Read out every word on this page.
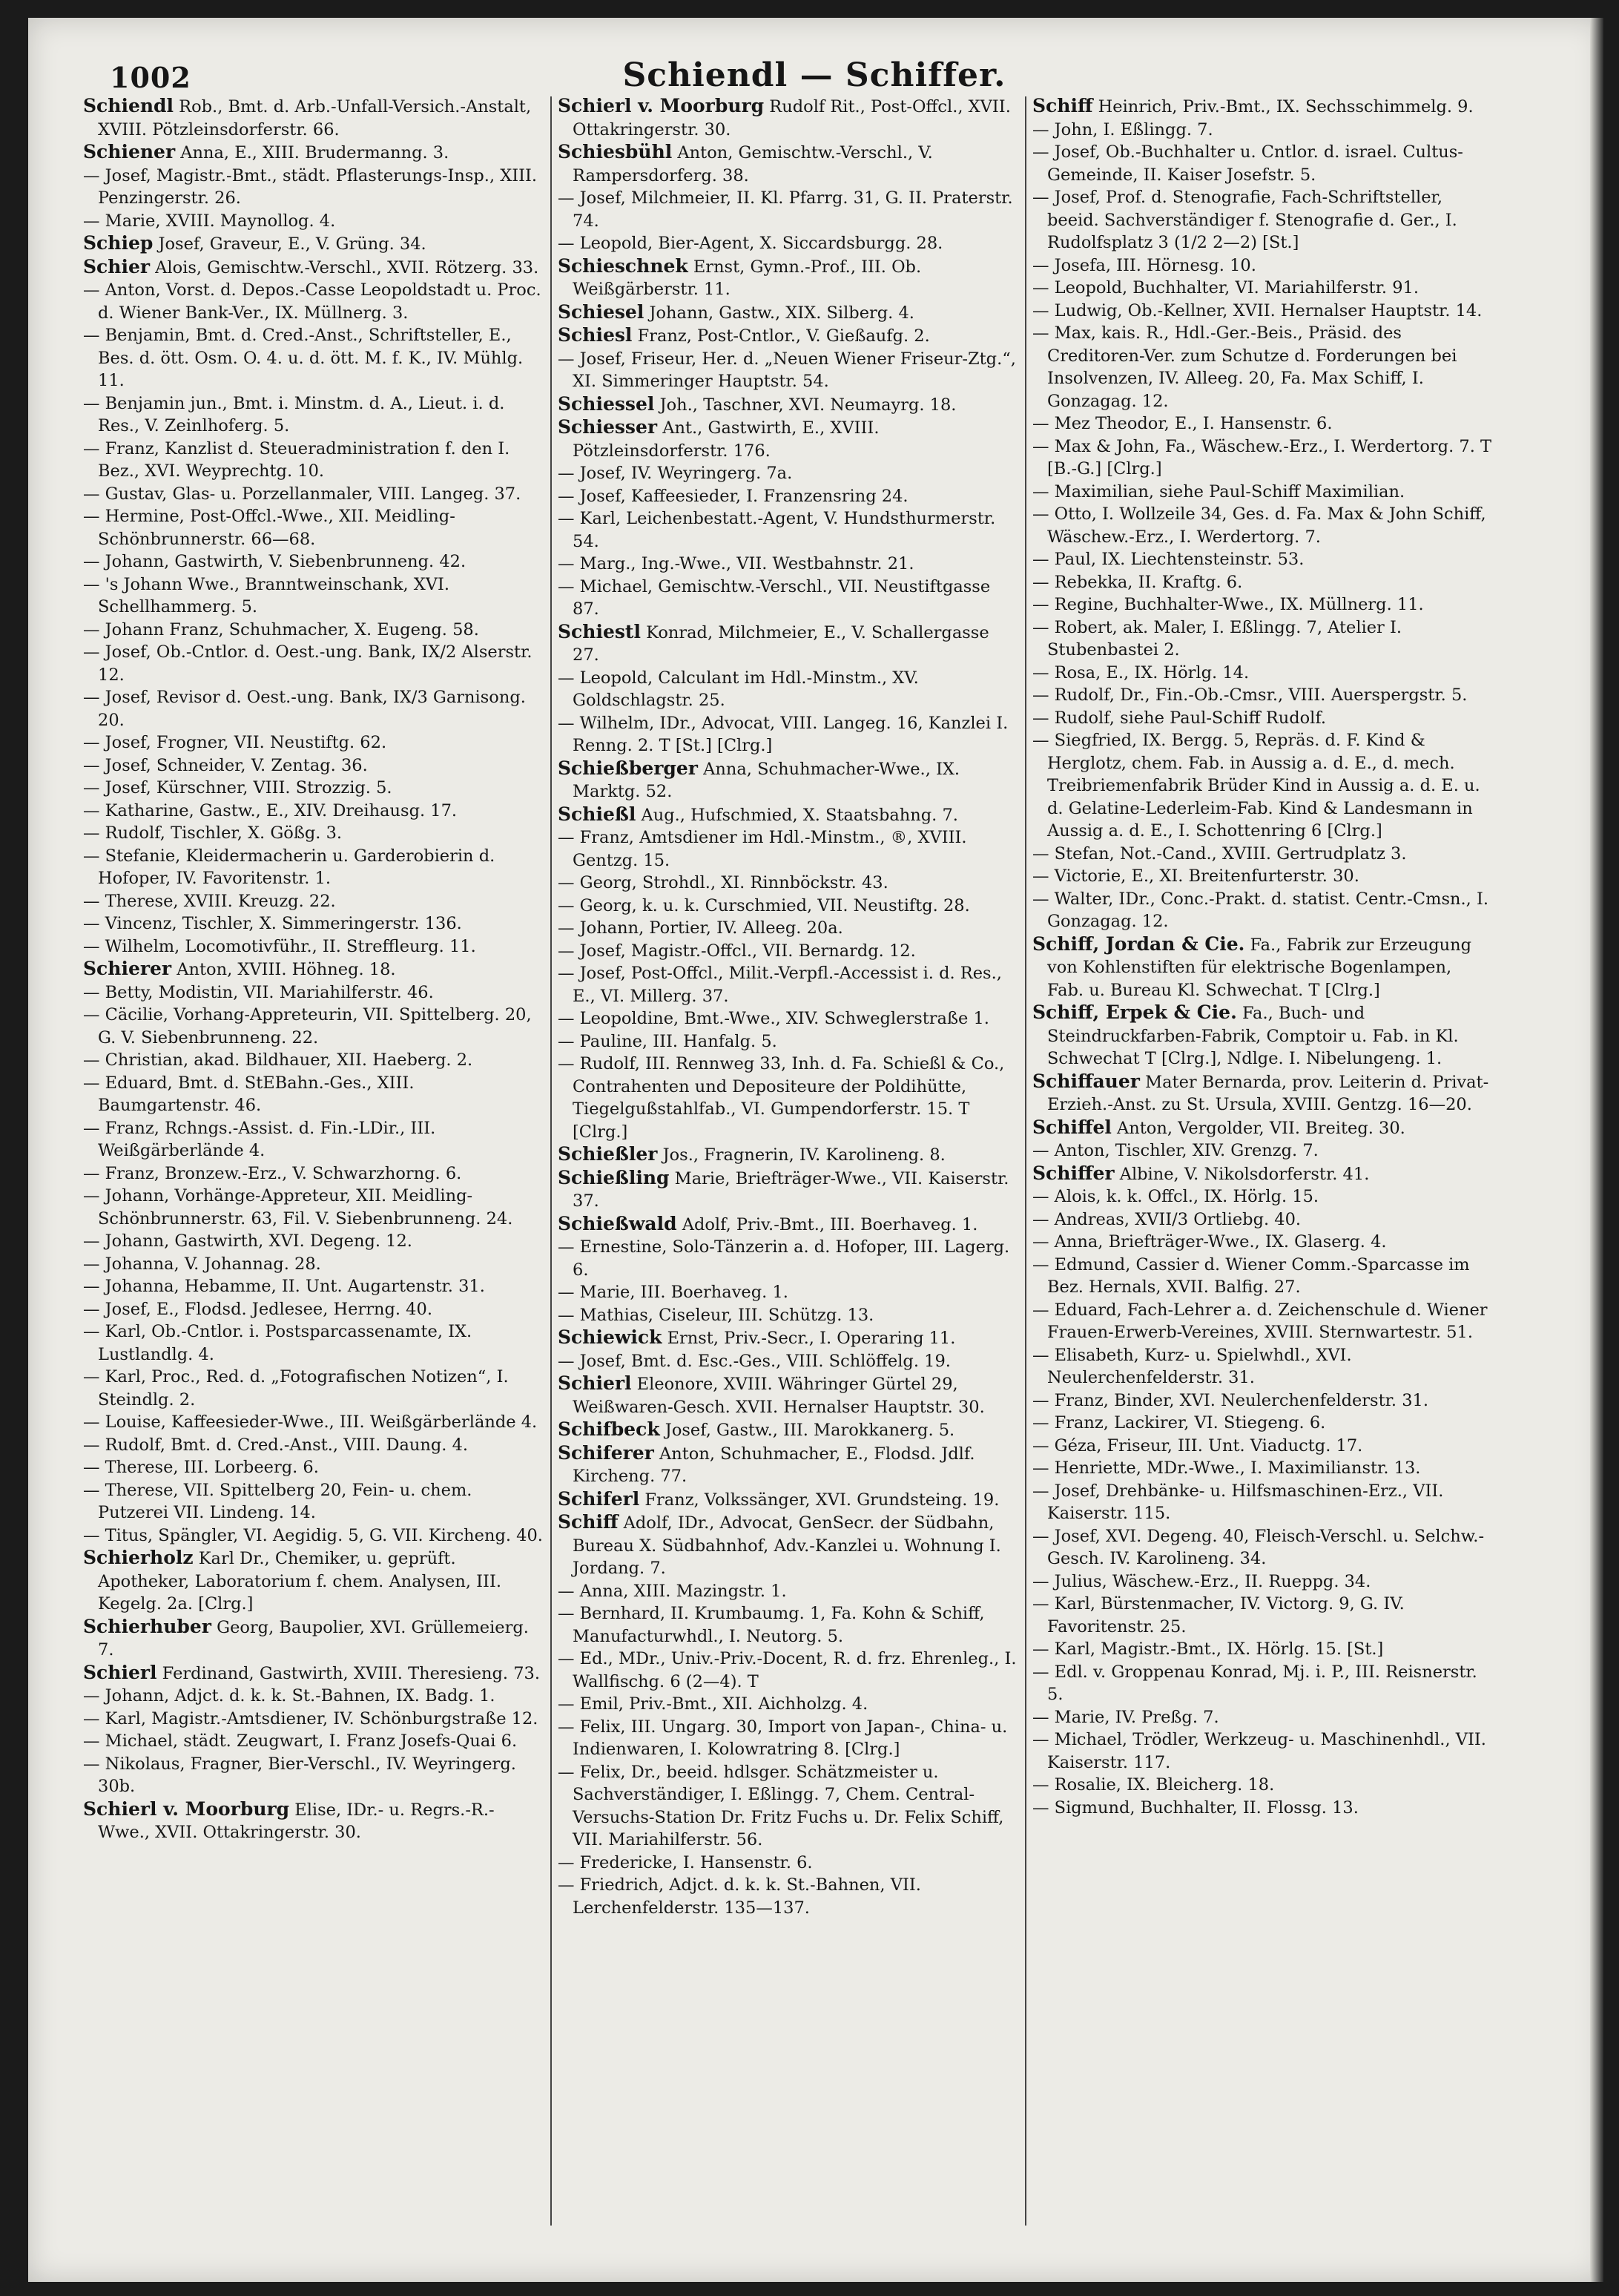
1002	Schiendl — Schiffer.
Schiendl Rob., Bmt. d. Arb.-Unfall-Versich.-Anstalt, XVIII. Pötzleinsdorferstr. 66.
Schiener Anna, E., XIII. Brudermanng. 3.
— Josef, Magistr.-Bmt., städt. Pflasterungs-Insp., XIII. Penzingerstr. 26.
— Marie, XVIII. Maynollog. 4.
Schiep Josef, Graveur, E., V. Grüng. 34.
Schier Alois, Gemischtw.-Verschl., XVII. Rötzerg. 33.
— Anton, Vorst. d. Depos.-Casse Leopoldstadt u. Proc. d. Wiener Bank-Ver., IX. Müllnerg. 3.
— Benjamin, Bmt. d. Cred.-Anst., Schriftsteller, E., Bes. d. ött. Osm. O. 4. u. d. ött. M. f. K., IV. Mühlg. 11.
— Benjamin jun., Bmt. i. Minstm. d. A., Lieut. i. d. Res., V. Zeinlhoferg. 5.
— Franz, Kanzlist d. Steueradministration f. den I. Bez., XVI. Weyprechtg. 10.
— Gustav, Glas- u. Porzellanmaler, VIII. Langeg. 37.
— Hermine, Post-Offcl.-Wwe., XII. Meidling-Schönbrunnerstr. 66—68.
— Johann, Gastwirth, V. Siebenbrunneng. 42.
— 's Johann Wwe., Branntweinschank, XVI. Schellhammerg. 5.
— Johann Franz, Schuhmacher, X. Eugeng. 58.
— Josef, Ob.-Cntlor. d. Oest.-ung. Bank, IX/2 Alserstr. 12.
— Josef, Revisor d. Oest.-ung. Bank, IX/3 Garnisong. 20.
— Josef, Frogner, VII. Neustiftg. 62.
— Josef, Schneider, V. Zentag. 36.
— Josef, Kürschner, VIII. Strozzig. 5.
— Katharine, Gastw., E., XIV. Dreihausg. 17.
— Rudolf, Tischler, X. Gößg. 3.
— Stefanie, Kleidermacherin u. Garderobierin d. Hofoper, IV. Favoritenstr. 1.
— Therese, XVIII. Kreuzg. 22.
— Vincenz, Tischler, X. Simmeringerstr. 136.
— Wilhelm, Locomotivführ., II. Streffleurg. 11.
Schierer Anton, XVIII. Höhneg. 18.
— Betty, Modistin, VII. Mariahilferstr. 46.
— Cäcilie, Vorhang-Appreteurin, VII. Spittelberg. 20, G. V. Siebenbrunneng. 22.
— Christian, akad. Bildhauer, XII. Haeberg. 2.
— Eduard, Bmt. d. StEBahn.-Ges., XIII. Baumgartenstr. 46.
— Franz, Rchngs.-Assist. d. Fin.-LDir., III. Weißgärberlände 4.
— Franz, Bronzew.-Erz., V. Schwarzhorng. 6.
— Johann, Vorhänge-Appreteur, XII. Meidling-Schönbrunnerstr. 63, Fil. V. Siebenbrunneng. 24.
— Johann, Gastwirth, XVI. Degeng. 12.
— Johanna, V. Johannag. 28.
— Johanna, Hebamme, II. Unt. Augartenstr. 31.
— Josef, E., Flodsd. Jedlesee, Herrng. 40.
— Karl, Ob.-Cntlor. i. Postsparcassenamte, IX. Lustlandlg. 4.
— Karl, Proc., Red. d. „Fotografischen Notizen“, I. Steindlg. 2.
— Louise, Kaffeesieder-Wwe., III. Weißgärberlände 4.
— Rudolf, Bmt. d. Cred.-Anst., VIII. Daung. 4.
— Therese, III. Lorbeerg. 6.
— Therese, VII. Spittelberg 20, Fein- u. chem. Putzerei VII. Lindeng. 14.
— Titus, Spängler, VI. Aegidig. 5, G. VII. Kircheng. 40.
Schierholz Karl Dr., Chemiker, u. geprüft. Apotheker, Laboratorium f. chem. Analysen, III. Kegelg. 2a. [Clrg.]
Schierhuber Georg, Baupolier, XVI. Grüllemeierg. 7.
Schierl Ferdinand, Gastwirth, XVIII. Theresieng. 73.
— Johann, Adjct. d. k. k. St.-Bahnen, IX. Badg. 1.
— Karl, Magistr.-Amtsdiener, IV. Schönburgstraße 12.
— Michael, städt. Zeugwart, I. Franz Josefs-Quai 6.
— Nikolaus, Fragner, Bier-Verschl., IV. Weyringerg. 30b.
Schierl v. Moorburg Elise, IDr.- u. Regrs.-R.-Wwe., XVII. Ottakringerstr. 30.
Schierl v. Moorburg Rudolf Rit., Post-Offcl., XVII. Ottakringerstr. 30.
Schiesbühl Anton, Gemischtw.-Verschl., V. Rampersdorferg. 38.
— Josef, Milchmeier, II. Kl. Pfarrg. 31, G. II. Praterstr. 74.
— Leopold, Bier-Agent, X. Siccardsburgg. 28.
Schieschnek Ernst, Gymn.-Prof., III. Ob. Weißgärberstr. 11.
Schiesel Johann, Gastw., XIX. Silberg. 4.
Schiesl Franz, Post-Cntlor., V. Gießaufg. 2.
— Josef, Friseur, Her. d. „Neuen Wiener Friseur-Ztg.“, XI. Simmeringer Hauptstr. 54.
Schiessel Joh., Taschner, XVI. Neumayrg. 18.
Schiesser Ant., Gastwirth, E., XVIII. Pötzleinsdorferstr. 176.
— Josef, IV. Weyringerg. 7a.
— Josef, Kaffeesieder, I. Franzensring 24.
— Karl, Leichenbestatt.-Agent, V. Hundsthurmerstr. 54.
— Marg., Ing.-Wwe., VII. Westbahnstr. 21.
— Michael, Gemischtw.-Verschl., VII. Neustiftgasse 87.
Schiestl Konrad, Milchmeier, E., V. Schallergasse 27.
— Leopold, Calculant im Hdl.-Minstm., XV. Goldschlagstr. 25.
— Wilhelm, IDr., Advocat, VIII. Langeg. 16, Kanzlei I. Renng. 2. T [St.] [Clrg.]
Schießberger Anna, Schuhmacher-Wwe., IX. Marktg. 52.
Schießl Aug., Hufschmied, X. Staatsbahng. 7.
— Franz, Amtsdiener im Hdl.-Minstm., ®, XVIII. Gentzg. 15.
— Georg, Strohdl., XI. Rinnböckstr. 43.
— Georg, k. u. k. Curschmied, VII. Neustiftg. 28.
— Johann, Portier, IV. Alleeg. 20a.
— Josef, Magistr.-Offcl., VII. Bernardg. 12.
— Josef, Post-Offcl., Milit.-Verpfl.-Accessist i. d. Res., E., VI. Millerg. 37.
— Leopoldine, Bmt.-Wwe., XIV. Schweglerstraße 1.
— Pauline, III. Hanfalg. 5.
— Rudolf, III. Rennweg 33, Inh. d. Fa. Schießl & Co., Contrahenten und Depositeure der Poldihütte, Tiegelgußstahlfab., VI. Gumpendorferstr. 15. T [Clrg.]
Schießler Jos., Fragnerin, IV. Karolineng. 8.
Schießling Marie, Briefträger-Wwe., VII. Kaiserstr. 37.
Schießwald Adolf, Priv.-Bmt., III. Boerhaveg. 1.
— Ernestine, Solo-Tänzerin a. d. Hofoper, III. Lagerg. 6.
— Marie, III. Boerhaveg. 1.
— Mathias, Ciseleur, III. Schützg. 13.
Schiewick Ernst, Priv.-Secr., I. Operaring 11.
— Josef, Bmt. d. Esc.-Ges., VIII. Schlöffelg. 19.
Schierl Eleonore, XVIII. Währinger Gürtel 29, Weißwaren-Gesch. XVII. Hernalser Hauptstr. 30.
Schifbeck Josef, Gastw., III. Marokkanerg. 5.
Schiferer Anton, Schuhmacher, E., Flodsd. Jdlf. Kircheng. 77.
Schiferl Franz, Volkssänger, XVI. Grundsteing. 19.
Schiff Adolf, IDr., Advocat, GenSecr. der Südbahn, Bureau X. Südbahnhof, Adv.-Kanzlei u. Wohnung I. Jordang. 7.
— Anna, XIII. Mazingstr. 1.
— Bernhard, II. Krumbaumg. 1, Fa. Kohn & Schiff, Manufacturwhdl., I. Neutorg. 5.
— Ed., MDr., Univ.-Priv.-Docent, R. d. frz. Ehrenleg., I. Wallfischg. 6 (2—4). T
— Emil, Priv.-Bmt., XII. Aichholzg. 4.
— Felix, III. Ungarg. 30, Import von Japan-, China- u. Indienwaren, I. Kolowratring 8. [Clrg.]
— Felix, Dr., beeid. hdlsger. Schätzmeister u. Sachverständiger, I. Eßlingg. 7, Chem. Central-Versuchs-Station Dr. Fritz Fuchs u. Dr. Felix Schiff, VII. Mariahilferstr. 56.
— Fredericke, I. Hansenstr. 6.
— Friedrich, Adjct. d. k. k. St.-Bahnen, VII. Lerchenfelderstr. 135—137.
Schiff Heinrich, Priv.-Bmt., IX. Sechsschimmelg. 9.
— John, I. Eßlingg. 7.
— Josef, Ob.-Buchhalter u. Cntlor. d. israel. Cultus-Gemeinde, II. Kaiser Josefstr. 5.
— Josef, Prof. d. Stenografie, Fach-Schriftsteller, beeid. Sachverständiger f. Stenografie d. Ger., I. Rudolfsplatz 3 (1/2 2—2) [St.]
— Josefa, III. Hörnesg. 10.
— Leopold, Buchhalter, VI. Mariahilferstr. 91.
— Ludwig, Ob.-Kellner, XVII. Hernalser Hauptstr. 14.
— Max, kais. R., Hdl.-Ger.-Beis., Präsid. des Creditoren-Ver. zum Schutze d. Forderungen bei Insolvenzen, IV. Alleeg. 20, Fa. Max Schiff, I. Gonzagag. 12.
— Mez Theodor, E., I. Hansenstr. 6.
— Max & John, Fa., Wäschew.-Erz., I. Werdertorg. 7. T [B.-G.] [Clrg.]
— Maximilian, siehe Paul-Schiff Maximilian.
— Otto, I. Wollzeile 34, Ges. d. Fa. Max & John Schiff, Wäschew.-Erz., I. Werdertorg. 7.
— Paul, IX. Liechtensteinstr. 53.
— Rebekka, II. Kraftg. 6.
— Regine, Buchhalter-Wwe., IX. Müllnerg. 11.
— Robert, ak. Maler, I. Eßlingg. 7, Atelier I. Stubenbastei 2.
— Rosa, E., IX. Hörlg. 14.
— Rudolf, Dr., Fin.-Ob.-Cmsr., VIII. Auerspergstr. 5.
— Rudolf, siehe Paul-Schiff Rudolf.
— Siegfried, IX. Bergg. 5, Repräs. d. F. Kind & Herglotz, chem. Fab. in Aussig a. d. E., d. mech. Treibriemenfabrik Brüder Kind in Aussig a. d. E. u. d. Gelatine-Lederleim-Fab. Kind & Landesmann in Aussig a. d. E., I. Schottenring 6 [Clrg.]
— Stefan, Not.-Cand., XVIII. Gertrudplatz 3.
— Victorie, E., XI. Breitenfurterstr. 30.
— Walter, IDr., Conc.-Prakt. d. statist. Centr.-Cmsn., I. Gonzagag. 12.
Schiff, Jordan & Cie. Fa., Fabrik zur Erzeugung von Kohlenstiften für elektrische Bogenlampen, Fab. u. Bureau Kl. Schwechat. T [Clrg.]
Schiff, Erpek & Cie. Fa., Buch- und Steindruckfarben-Fabrik, Comptoir u. Fab. in Kl. Schwechat T [Clrg.], Ndlge. I. Nibelungeng. 1.
Schiffauer Mater Bernarda, prov. Leiterin d. Privat-Erzieh.-Anst. zu St. Ursula, XVIII. Gentzg. 16—20.
Schiffel Anton, Vergolder, VII. Breiteg. 30.
— Anton, Tischler, XIV. Grenzg. 7.
Schiffer Albine, V. Nikolsdorferstr. 41.
— Alois, k. k. Offcl., IX. Hörlg. 15.
— Andreas, XVII/3 Ortliebg. 40.
— Anna, Briefträger-Wwe., IX. Glaserg. 4.
— Edmund, Cassier d. Wiener Comm.-Sparcasse im Bez. Hernals, XVII. Balfig. 27.
— Eduard, Fach-Lehrer a. d. Zeichenschule d. Wiener Frauen-Erwerb-Vereines, XVIII. Sternwartestr. 51.
— Elisabeth, Kurz- u. Spielwhdl., XVI. Neulerchenfelderstr. 31.
— Franz, Binder, XVI. Neulerchenfelderstr. 31.
— Franz, Lackirer, VI. Stiegeng. 6.
— Géza, Friseur, III. Unt. Viaductg. 17.
— Henriette, MDr.-Wwe., I. Maximilianstr. 13.
— Josef, Drehbänke- u. Hilfsmaschinen-Erz., VII. Kaiserstr. 115.
— Josef, XVI. Degeng. 40, Fleisch-Verschl. u. Selchw.-Gesch. IV. Karolineng. 34.
— Julius, Wäschew.-Erz., II. Rueppg. 34.
— Karl, Bürstenmacher, IV. Victorg. 9, G. IV. Favoritenstr. 25.
— Karl, Magistr.-Bmt., IX. Hörlg. 15. [St.]
— Edl. v. Groppenau Konrad, Mj. i. P., III. Reisnerstr. 5.
— Marie, IV. Preßg. 7.
— Michael, Trödler, Werkzeug- u. Maschinenhdl., VII. Kaiserstr. 117.
— Rosalie, IX. Bleicherg. 18.
— Sigmund, Buchhalter, II. Flossg. 13.
